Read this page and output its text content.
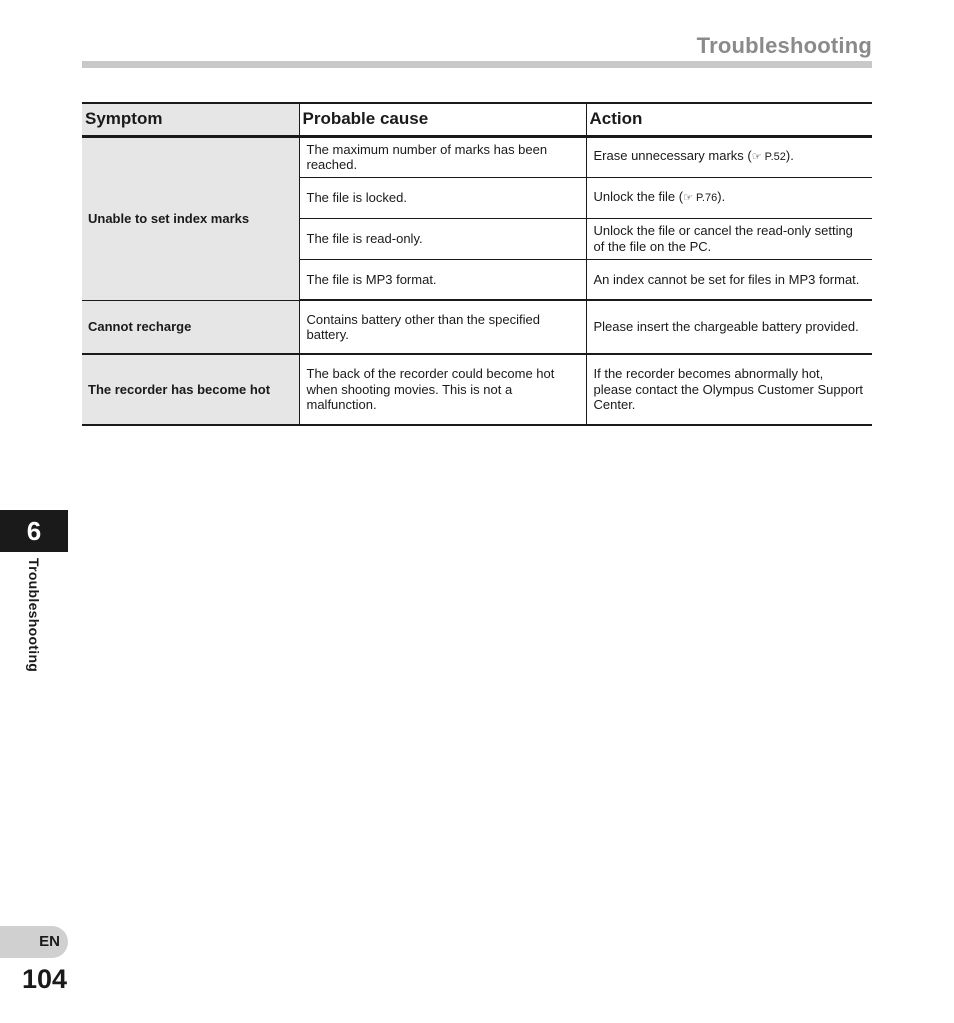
Troubleshooting
Symptom	Probable cause	Action
Unable to set index marks	The maximum number of marks has been reached.	Erase unnecessary marks (☞ P.52).
	The file is locked.	Unlock the file (☞ P.76).
	The file is read-only.	Unlock the file or cancel the read-only setting of the file on the PC.
	The file is MP3 format.	An index cannot be set for files in MP3 format.
Cannot recharge	Contains battery other than the specified battery.	Please insert the chargeable battery provided.
The recorder has become hot	The back of the recorder could become hot when shooting movies. This is not a malfunction.	If the recorder becomes abnormally hot, please contact the Olympus Customer Support Center.
6
Troubleshooting
EN
104
